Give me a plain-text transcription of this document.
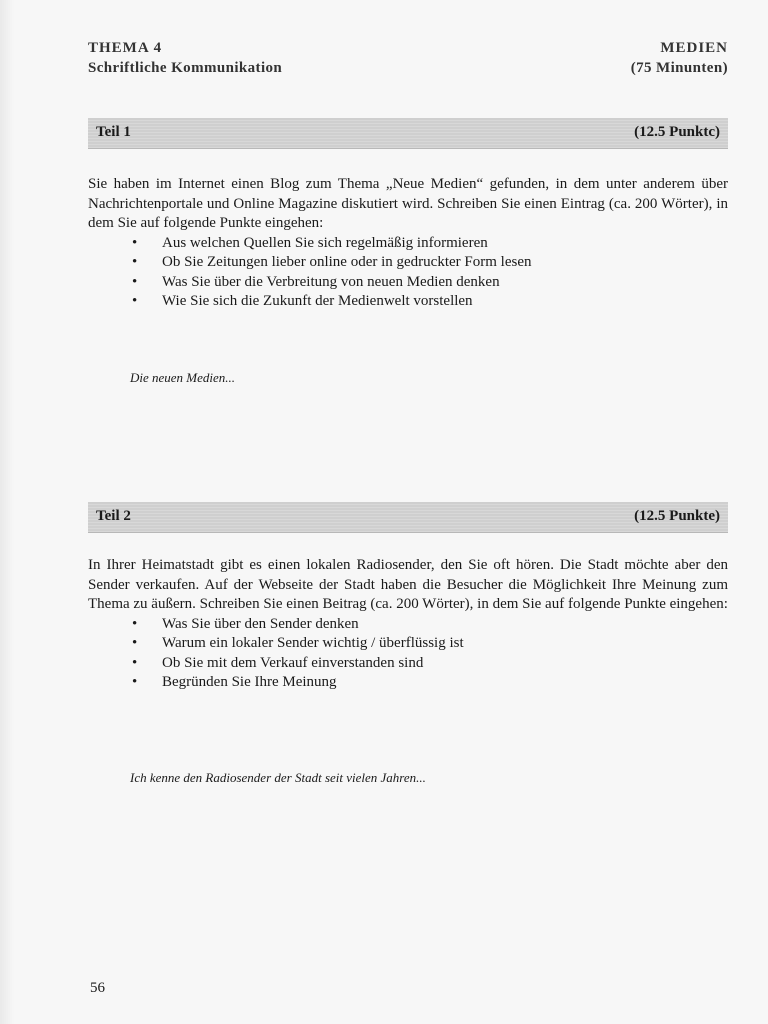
THEMA 4
Schriftliche Kommunikation
MEDIEN
(75 Minunten)
Teil 1	(12.5 Punktc)
Sie haben im Internet einen Blog zum Thema „Neue Medien“ gefunden, in dem unter anderem über Nachrichtenportale und Online Magazine diskutiert wird. Schreiben Sie einen Eintrag (ca. 200 Wörter), in dem Sie auf folgende Punkte eingehen:
• Aus welchen Quellen Sie sich regelmäßig informieren
• Ob Sie Zeitungen lieber online oder in gedruckter Form lesen
• Was Sie über die Verbreitung von neuen Medien denken
• Wie Sie sich die Zukunft der Medienwelt vorstellen
Die neuen Medien...
Teil 2	(12.5 Punkte)
In Ihrer Heimatstadt gibt es einen lokalen Radiosender, den Sie oft hören. Die Stadt möchte aber den Sender verkaufen. Auf der Webseite der Stadt haben die Besucher die Möglichkeit Ihre Meinung zum Thema zu äußern. Schreiben Sie einen Beitrag (ca. 200 Wörter), in dem Sie auf folgende Punkte eingehen:
• Was Sie über den Sender denken
• Warum ein lokaler Sender wichtig / überflüssig ist
• Ob Sie mit dem Verkauf einverstanden sind
• Begründen Sie Ihre Meinung
Ich kenne den Radiosender der Stadt seit vielen Jahren...
56
